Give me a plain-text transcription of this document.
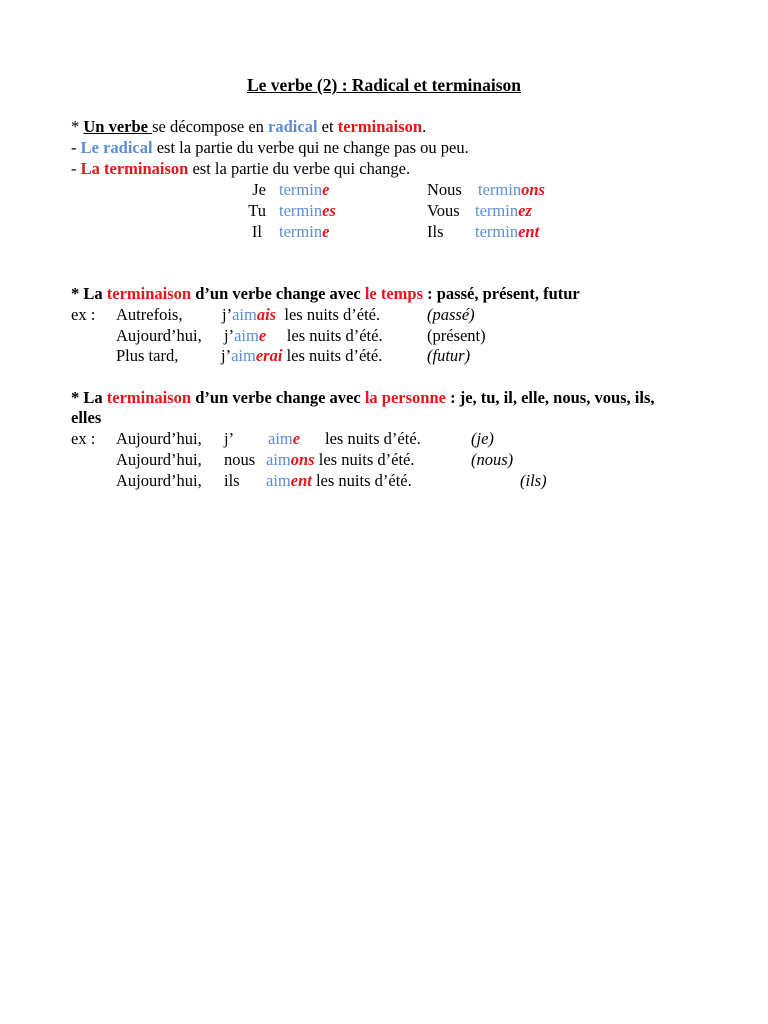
Le verbe (2) : Radical et terminaison
* Un verbe se décompose en radical et terminaison.
- Le radical est la partie du verbe qui ne change pas ou peu.
- La terminaison est la partie du verbe qui change.
Je termine	Nous terminons
Tu termines	Vous terminez
Il termine	Ils terminent
* La terminaison d’un verbe change avec le temps : passé, présent, futur
ex : Autrefois, j’aimais  les nuits d’été.	(passé)
Aujourd’hui, j’aime     les nuits d’été.	(présent)
Plus tard,	j’aimerai les nuits d’été.	(futur)
* La terminaison d’un verbe change avec la personne : je, tu, il, elle, nous, vous, ils,
elles
ex : Aujourd’hui, j’ aime les nuits d’été.	(je)
Aujourd’hui, nous aimons les nuits d’été.	(nous)
Aujourd’hui, ils aiment les nuits d’été.	(ils)
